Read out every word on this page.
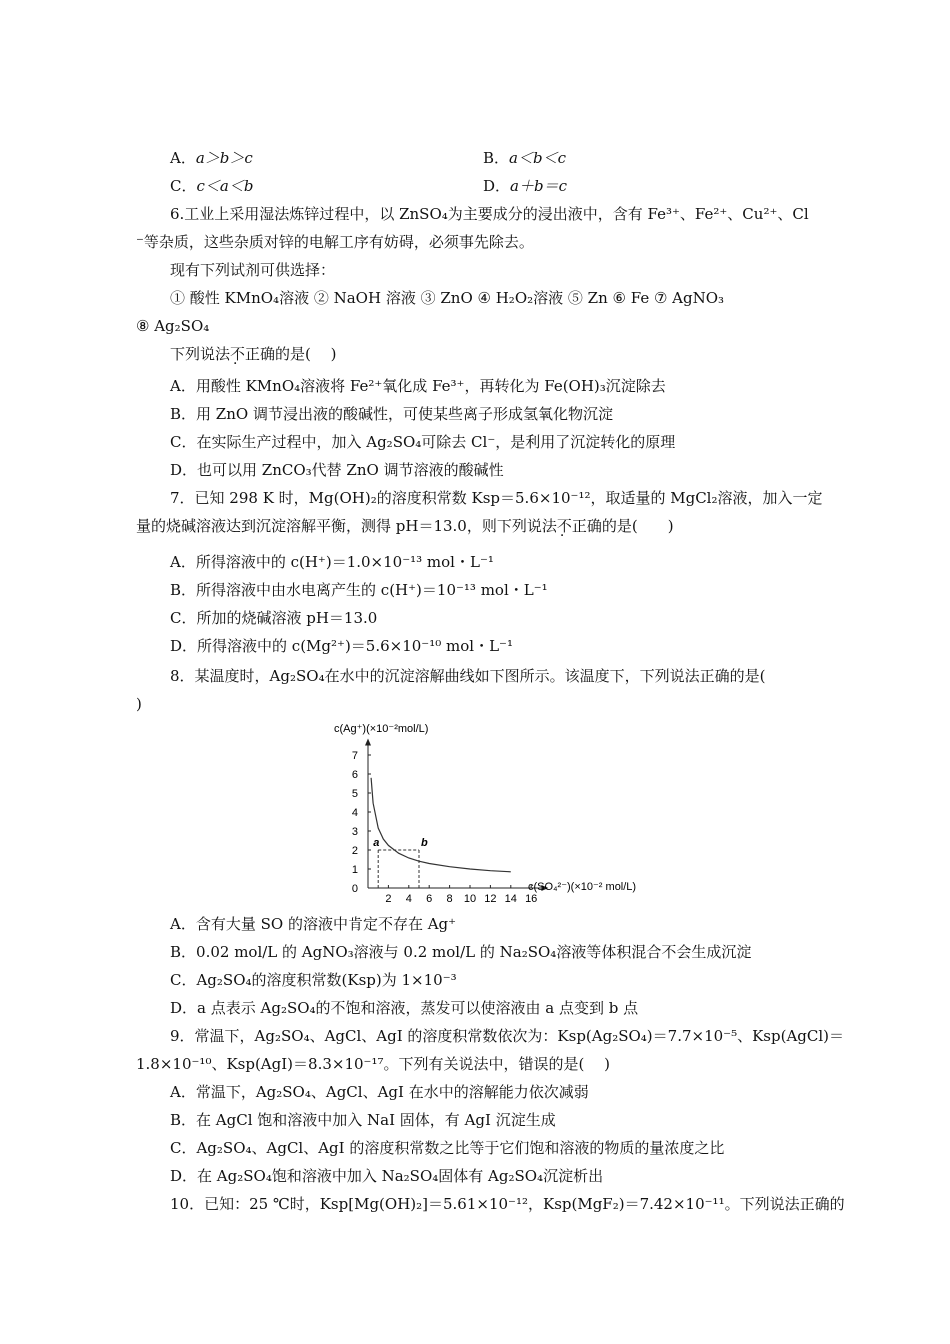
A．a＞b＞c	B．a＜b＜c
C．c＜a＜b	D．a＋b＝c
6.工业上采用湿法炼锌过程中，以 ZnSO₄为主要成分的浸出液中，含有 Fe³⁺、Fe²⁺、Cu²⁺、Cl
⁻等杂质，这些杂质对锌的电解工序有妨碍，必须事先除去。
现有下列试剂可供选择：
① 酸性 KMnO₄溶液 ② NaOH 溶液 ③ ZnO ④ H₂O₂溶液 ⑤ Zn ⑥ Fe ⑦ AgNO₃
⑧ Ag₂SO₄
下列说法不正确的是(　 )
A．用酸性 KMnO₄溶液将 Fe²⁺氧化成 Fe³⁺，再转化为 Fe(OH)₃沉淀除去
B．用 ZnO 调节浸出液的酸碱性，可使某些离子形成氢氧化物沉淀
C．在实际生产过程中，加入 Ag₂SO₄可除去 Cl⁻，是利用了沉淀转化的原理
D．也可以用 ZnCO₃代替 ZnO 调节溶液的酸碱性
7．已知 298 K 时，Mg(OH)₂的溶度积常数 Ksp＝5.6×10⁻¹²，取适量的 MgCl₂溶液，加入一定
量的烧碱溶液达到沉淀溶解平衡，测得 pH＝13.0，则下列说法不正确的是(　　)
A．所得溶液中的 c(H⁺)＝1.0×10⁻¹³ mol・L⁻¹
B．所得溶液中由水电离产生的 c(H⁺)＝10⁻¹³ mol・L⁻¹
C．所加的烧碱溶液 pH＝13.0
D．所得溶液中的 c(Mg²⁺)＝5.6×10⁻¹⁰ mol・L⁻¹
8．某温度时，Ag₂SO₄在水中的沉淀溶解曲线如下图所示。该温度下，下列说法正确的是(
)
0
1
2
3
4
5
6
7
2 4 6 8 10 12 14 16
a	b
c(Ag⁺)(×10⁻²mol/L)
c(SO₄²⁻)(×10⁻² mol/L)
A．含有大量 SO 的溶液中肯定不存在 Ag⁺
B．0.02 mol/L 的 AgNO₃溶液与 0.2 mol/L 的 Na₂SO₄溶液等体积混合不会生成沉淀
C．Ag₂SO₄的溶度积常数(Ksp)为 1×10⁻³
D．a 点表示 Ag₂SO₄的不饱和溶液，蒸发可以使溶液由 a 点变到 b 点
9．常温下，Ag₂SO₄、AgCl、AgI 的溶度积常数依次为：Ksp(Ag₂SO₄)＝7.7×10⁻⁵、Ksp(AgCl)＝
1.8×10⁻¹⁰、Ksp(AgI)＝8.3×10⁻¹⁷。下列有关说法中，错误的是(　 )
A．常温下，Ag₂SO₄、AgCl、AgI 在水中的溶解能力依次减弱
B．在 AgCl 饱和溶液中加入 NaI 固体，有 AgI 沉淀生成
C．Ag₂SO₄、AgCl、AgI 的溶度积常数之比等于它们饱和溶液的物质的量浓度之比
D．在 Ag₂SO₄饱和溶液中加入 Na₂SO₄固体有 Ag₂SO₄沉淀析出
10．已知：25 ℃时，Ksp[Mg(OH)₂]＝5.61×10⁻¹²，Ksp(MgF₂)＝7.42×10⁻¹¹。下列说法正确的
